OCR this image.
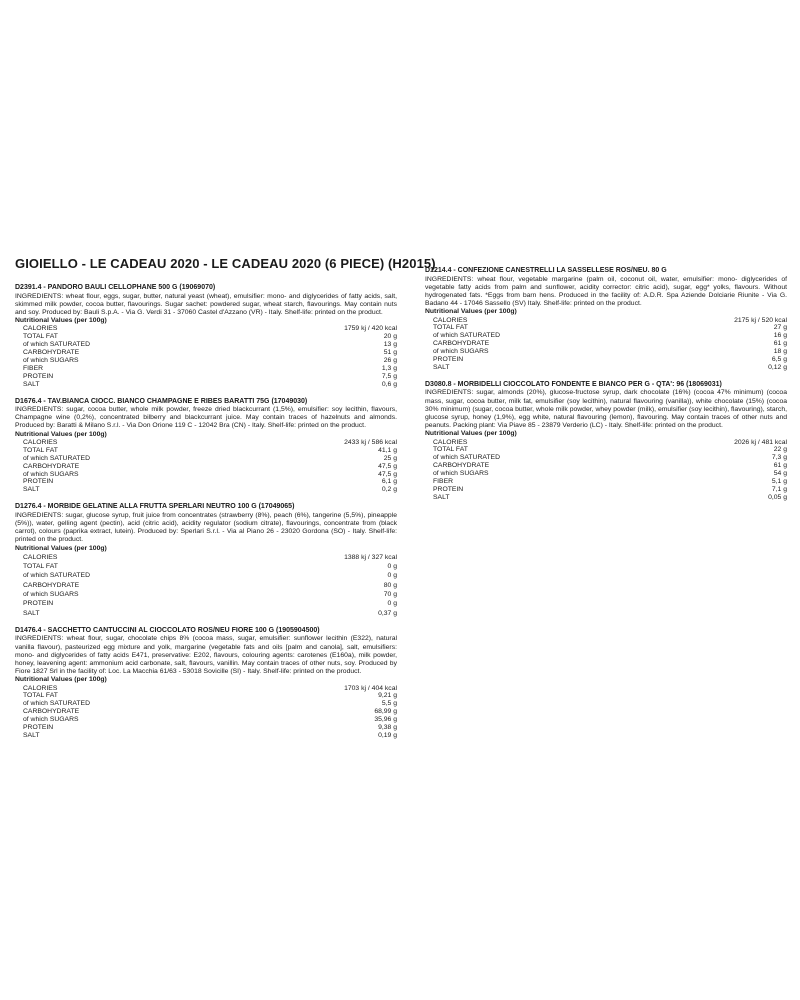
GIOIELLO - LE CADEAU 2020 - LE CADEAU 2020 (6 PIECE) (H2015)
D2391.4 - PANDORO BAULI CELLOPHANE 500 G (19069070)
INGREDIENTS: wheat flour, eggs, sugar, butter, natural yeast (wheat), emulsifier: mono- and diglycerides of fatty acids, salt, skimmed milk powder, cocoa butter, flavourings. Sugar sachet: powdered sugar, wheat starch, flavourings. May contain nuts and soy. Produced by: Bauli S.p.A. - Via G. Verdi 31 - 37060 Castel d'Azzano (VR) - Italy. Shelf-life: printed on the product.
Nutritional Values (per 100g)
CALORIES	1759 kj / 420 kcal
TOTAL FAT	20 g
of which SATURATED	13 g
CARBOHYDRATE	51 g
of which SUGARS	26 g
FIBER	1,3 g
PROTEIN	7,5 g
SALT	0,6 g
D1676.4 - TAV.BIANCA CIOCC. BIANCO CHAMPAGNE E RIBES BARATTI 75G (17049030)
INGREDIENTS: sugar, cocoa butter, whole milk powder, freeze dried blackcurrant (1,5%), emulsifier: soy lecithin, flavours, Champagne wine (0,2%), concentrated bilberry and blackcurrant juice. May contain traces of hazelnuts and almonds. Produced by: Baratti & Milano S.r.l. - Via Don Orione 119 C - 12042 Bra (CN) - Italy. Shelf-life: printed on the product.
Nutritional Values (per 100g)
CALORIES	2433 kj / 586 kcal
TOTAL FAT	41,1 g
of which SATURATED	25 g
CARBOHYDRATE	47,5 g
of which SUGARS	47,5 g
PROTEIN	6,1 g
SALT	0,2 g
D1276.4 - MORBIDE GELATINE ALLA FRUTTA SPERLARI NEUTRO 100 G (17049065)
INGREDIENTS: sugar, glucose syrup, fruit juice from concentrates (strawberry (8%), peach (6%), tangerine (5,5%), pineapple (5%)), water, gelling agent (pectin), acid (citric acid), acidity regulator (sodium citrate), flavourings, concentrate from (black carrot), colours (paprika extract, lutein). Produced by: Sperlari S.r.l. - Via al Piano 26 - 23020 Gordona (SO) - Italy. Shelf-life: printed on the product.
Nutritional Values (per 100g)
CALORIES	1388 kj / 327 kcal
TOTAL FAT	0 g
of which SATURATED	0 g
CARBOHYDRATE	80 g
of which SUGARS	70 g
PROTEIN	0 g
SALT	0,37 g
D1476.4 - SACCHETTO CANTUCCINI AL CIOCCOLATO ROS/NEU FIORE 100 G (1905904500)
INGREDIENTS: wheat flour, sugar, chocolate chips 8% (cocoa mass, sugar, emulsifier: sunflower lecithin (E322), natural vanilla flavour), pasteurized egg mixture and yolk, margarine (vegetable fats and oils [palm and canola], salt, emulsifiers: mono- and diglycerides of fatty acids E471, preservative: E202, flavours, colouring agents: carotenes (E160a), milk powder, honey, leavening agent: ammonium acid carbonate, salt, flavours, vanillin. May contain traces of other nuts, soy. Produced by Fiore 1827 Srl in the facility of: Loc. La Macchia 61/63 - 53018 Sovicille (SI) - Italy. Shelf-life: printed on the product.
Nutritional Values (per 100g)
CALORIES	1703 kj / 404 kcal
TOTAL FAT	9,21 g
of which SATURATED	5,5 g
CARBOHYDRATE	68,99 g
of which SUGARS	35,96 g
PROTEIN	9,38 g
SALT	0,19 g
D1214.4 - CONFEZIONE CANESTRELLI LA SASSELLESE ROS/NEU. 80 G
INGREDIENTS: wheat flour, vegetable margarine (palm oil, coconut oil, water, emulsifier: mono- diglycerides of vegetable fatty acids from palm and sunflower, acidity corrector: citric acid), sugar, egg* yolks, flavours. Without hydrogenated fats. *Eggs from barn hens. Produced in the facility of: A.D.R. Spa Aziende Dolciarie Riunite - Via G. Badano 44 - 17046 Sassello (SV) Italy. Shelf-life: printed on the product.
Nutritional Values (per 100g)
CALORIES	2175 kj / 520 kcal
TOTAL FAT	27 g
of which SATURATED	16 g
CARBOHYDRATE	61 g
of which SUGARS	18 g
PROTEIN	6,5 g
SALT	0,12 g
D3080.8 - MORBIDELLI CIOCCOLATO FONDENTE E BIANCO PER G - QTA': 96 (18069031)
INGREDIENTS: sugar, almonds (20%), glucose-fructose syrup, dark chocolate (16%) (cocoa 47% minimum) (cocoa mass, sugar, cocoa butter, milk fat, emulsifier (soy lecithin), natural flavouring (vanilla)), white chocolate (15%) (cocoa 30% minimum) (sugar, cocoa butter, whole milk powder, whey powder (milk), emulsifier (soy lecithin), flavouring), starch, glucose syrup, honey (1,9%), egg white, natural flavouring (lemon), flavouring. May contain traces of other nuts and peanuts. Packing plant: Via Piave 85 - 23879 Verderio (LC) - Italy. Shelf-life: printed on the product.
Nutritional Values (per 100g)
CALORIES	2026 kj / 481 kcal
TOTAL FAT	22 g
of which SATURATED	7,3 g
CARBOHYDRATE	61 g
of which SUGARS	54 g
FIBER	5,1 g
PROTEIN	7,1 g
SALT	0,05 g
